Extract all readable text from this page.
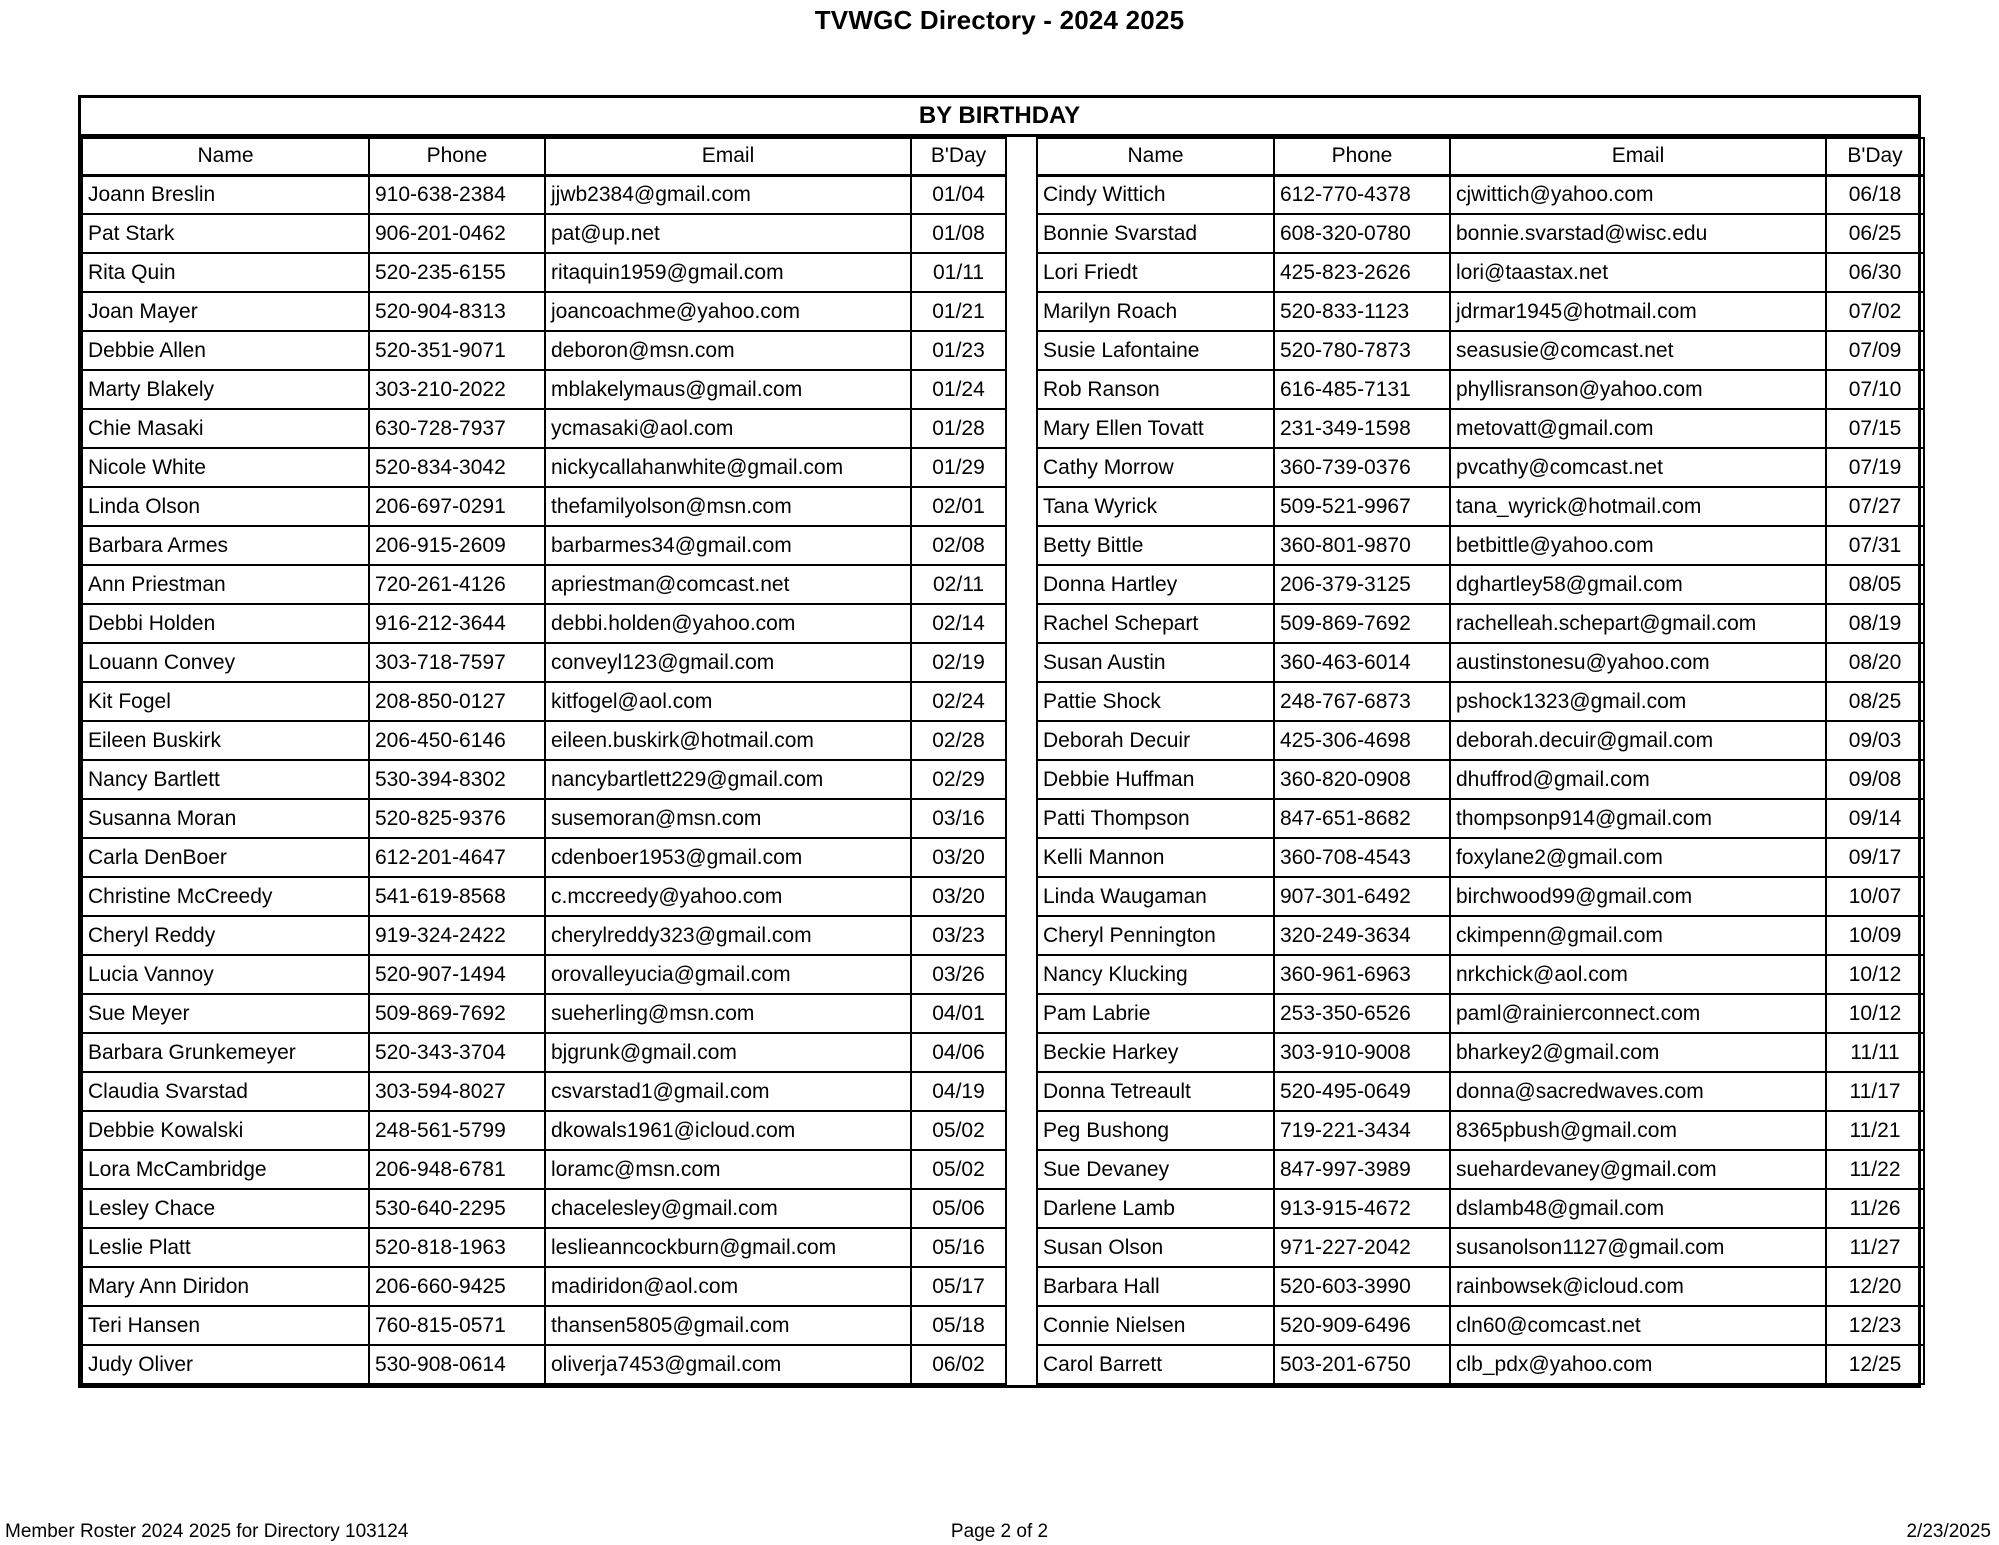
TVWGC Directory - 2024 2025
BY BIRTHDAY
Name	Phone	Email	B'Day
Joann Breslin	910-638-2384	jjwb2384@gmail.com	01/04
Pat Stark	906-201-0462	pat@up.net	01/08
Rita Quin	520-235-6155	ritaquin1959@gmail.com	01/11
Joan Mayer	520-904-8313	joancoachme@yahoo.com	01/21
Debbie Allen	520-351-9071	deboron@msn.com	01/23
Marty Blakely	303-210-2022	mblakelymaus@gmail.com	01/24
Chie Masaki	630-728-7937	ycmasaki@aol.com	01/28
Nicole White	520-834-3042	nickycallahanwhite@gmail.com	01/29
Linda Olson	206-697-0291	thefamilyolson@msn.com	02/01
Barbara Armes	206-915-2609	barbarmes34@gmail.com	02/08
Ann Priestman	720-261-4126	apriestman@comcast.net	02/11
Debbi Holden	916-212-3644	debbi.holden@yahoo.com	02/14
Louann Convey	303-718-7597	conveyl123@gmail.com	02/19
Kit Fogel	208-850-0127	kitfogel@aol.com	02/24
Eileen Buskirk	206-450-6146	eileen.buskirk@hotmail.com	02/28
Nancy Bartlett	530-394-8302	nancybartlett229@gmail.com	02/29
Susanna Moran	520-825-9376	susemoran@msn.com	03/16
Carla DenBoer	612-201-4647	cdenboer1953@gmail.com	03/20
Christine McCreedy	541-619-8568	c.mccreedy@yahoo.com	03/20
Cheryl Reddy	919-324-2422	cherylreddy323@gmail.com	03/23
Lucia Vannoy	520-907-1494	orovalleyucia@gmail.com	03/26
Sue Meyer	509-869-7692	sueherling@msn.com	04/01
Barbara Grunkemeyer	520-343-3704	bjgrunk@gmail.com	04/06
Claudia Svarstad	303-594-8027	csvarstad1@gmail.com	04/19
Debbie Kowalski	248-561-5799	dkowals1961@icloud.com	05/02
Lora McCambridge	206-948-6781	loramc@msn.com	05/02
Lesley Chace	530-640-2295	chacelesley@gmail.com	05/06
Leslie Platt	520-818-1963	leslieanncockburn@gmail.com	05/16
Mary Ann Diridon	206-660-9425	madiridon@aol.com	05/17
Teri Hansen	760-815-0571	thansen5805@gmail.com	05/18
Judy Oliver	530-908-0614	oliverja7453@gmail.com	06/02
Name	Phone	Email	B'Day
Cindy Wittich	612-770-4378	cjwittich@yahoo.com	06/18
Bonnie Svarstad	608-320-0780	bonnie.svarstad@wisc.edu	06/25
Lori Friedt	425-823-2626	lori@taastax.net	06/30
Marilyn Roach	520-833-1123	jdrmar1945@hotmail.com	07/02
Susie Lafontaine	520-780-7873	seasusie@comcast.net	07/09
Rob Ranson	616-485-7131	phyllisranson@yahoo.com	07/10
Mary Ellen Tovatt	231-349-1598	metovatt@gmail.com	07/15
Cathy Morrow	360-739-0376	pvcathy@comcast.net	07/19
Tana Wyrick	509-521-9967	tana_wyrick@hotmail.com	07/27
Betty Bittle	360-801-9870	betbittle@yahoo.com	07/31
Donna Hartley	206-379-3125	dghartley58@gmail.com	08/05
Rachel Schepart	509-869-7692	rachelleah.schepart@gmail.com	08/19
Susan Austin	360-463-6014	austinstonesu@yahoo.com	08/20
Pattie Shock	248-767-6873	pshock1323@gmail.com	08/25
Deborah Decuir	425-306-4698	deborah.decuir@gmail.com	09/03
Debbie Huffman	360-820-0908	dhuffrod@gmail.com	09/08
Patti Thompson	847-651-8682	thompsonp914@gmail.com	09/14
Kelli Mannon	360-708-4543	foxylane2@gmail.com	09/17
Linda Waugaman	907-301-6492	birchwood99@gmail.com	10/07
Cheryl Pennington	320-249-3634	ckimpenn@gmail.com	10/09
Nancy Klucking	360-961-6963	nrkchick@aol.com	10/12
Pam Labrie	253-350-6526	paml@rainierconnect.com	10/12
Beckie Harkey	303-910-9008	bharkey2@gmail.com	11/11
Donna Tetreault	520-495-0649	donna@sacredwaves.com	11/17
Peg Bushong	719-221-3434	8365pbush@gmail.com	11/21
Sue Devaney	847-997-3989	suehardevaney@gmail.com	11/22
Darlene Lamb	913-915-4672	dslamb48@gmail.com	11/26
Susan Olson	971-227-2042	susanolson1127@gmail.com	11/27
Barbara Hall	520-603-3990	rainbowsek@icloud.com	12/20
Connie Nielsen	520-909-6496	cln60@comcast.net	12/23
Carol Barrett	503-201-6750	clb_pdx@yahoo.com	12/25
Member Roster 2024 2025 for Directory 103124	Page 2 of 2	2/23/2025
